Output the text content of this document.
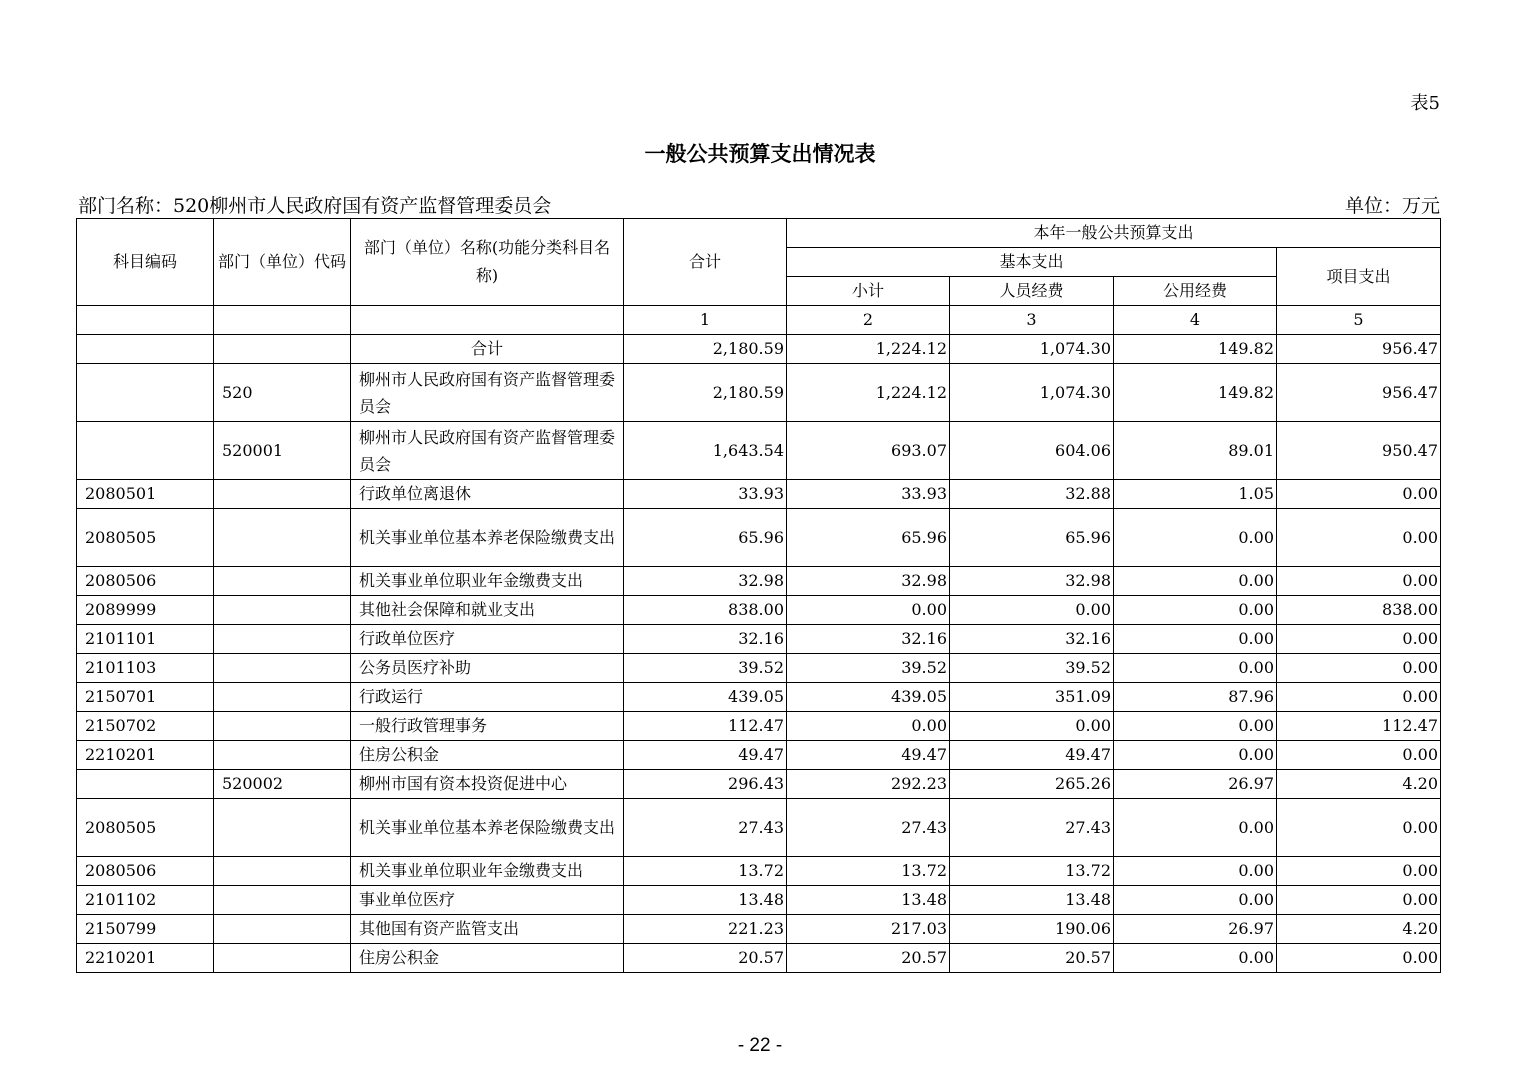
表5
一般公共预算支出情况表
部门名称：520柳州市人民政府国有资产监督管理委员会	单位：万元
科目编码	部门（单位）代码	部门（单位）名称(功能分类科目名称)	合计	本年一般公共预算支出			
				基本支出			项目支出
				小计	人员经费	公用经费	
			1	2	3	4	5
		合计	2,180.59	1,224.12	1,074.30	149.82	956.47
	520	柳州市人民政府国有资产监督管理委员会	2,180.59	1,224.12	1,074.30	149.82	956.47
	520001	柳州市人民政府国有资产监督管理委员会	1,643.54	693.07	604.06	89.01	950.47
2080501		行政单位离退休	33.93	33.93	32.88	1.05	0.00
2080505		机关事业单位基本养老保险缴费支出	65.96	65.96	65.96	0.00	0.00
2080506		机关事业单位职业年金缴费支出	32.98	32.98	32.98	0.00	0.00
2089999		其他社会保障和就业支出	838.00	0.00	0.00	0.00	838.00
2101101		行政单位医疗	32.16	32.16	32.16	0.00	0.00
2101103		公务员医疗补助	39.52	39.52	39.52	0.00	0.00
2150701		行政运行	439.05	439.05	351.09	87.96	0.00
2150702		一般行政管理事务	112.47	0.00	0.00	0.00	112.47
2210201		住房公积金	49.47	49.47	49.47	0.00	0.00
	520002	柳州市国有资本投资促进中心	296.43	292.23	265.26	26.97	4.20
2080505		机关事业单位基本养老保险缴费支出	27.43	27.43	27.43	0.00	0.00
2080506		机关事业单位职业年金缴费支出	13.72	13.72	13.72	0.00	0.00
2101102		事业单位医疗	13.48	13.48	13.48	0.00	0.00
2150799		其他国有资产监管支出	221.23	217.03	190.06	26.97	4.20
2210201		住房公积金	20.57	20.57	20.57	0.00	0.00
- 22 -
